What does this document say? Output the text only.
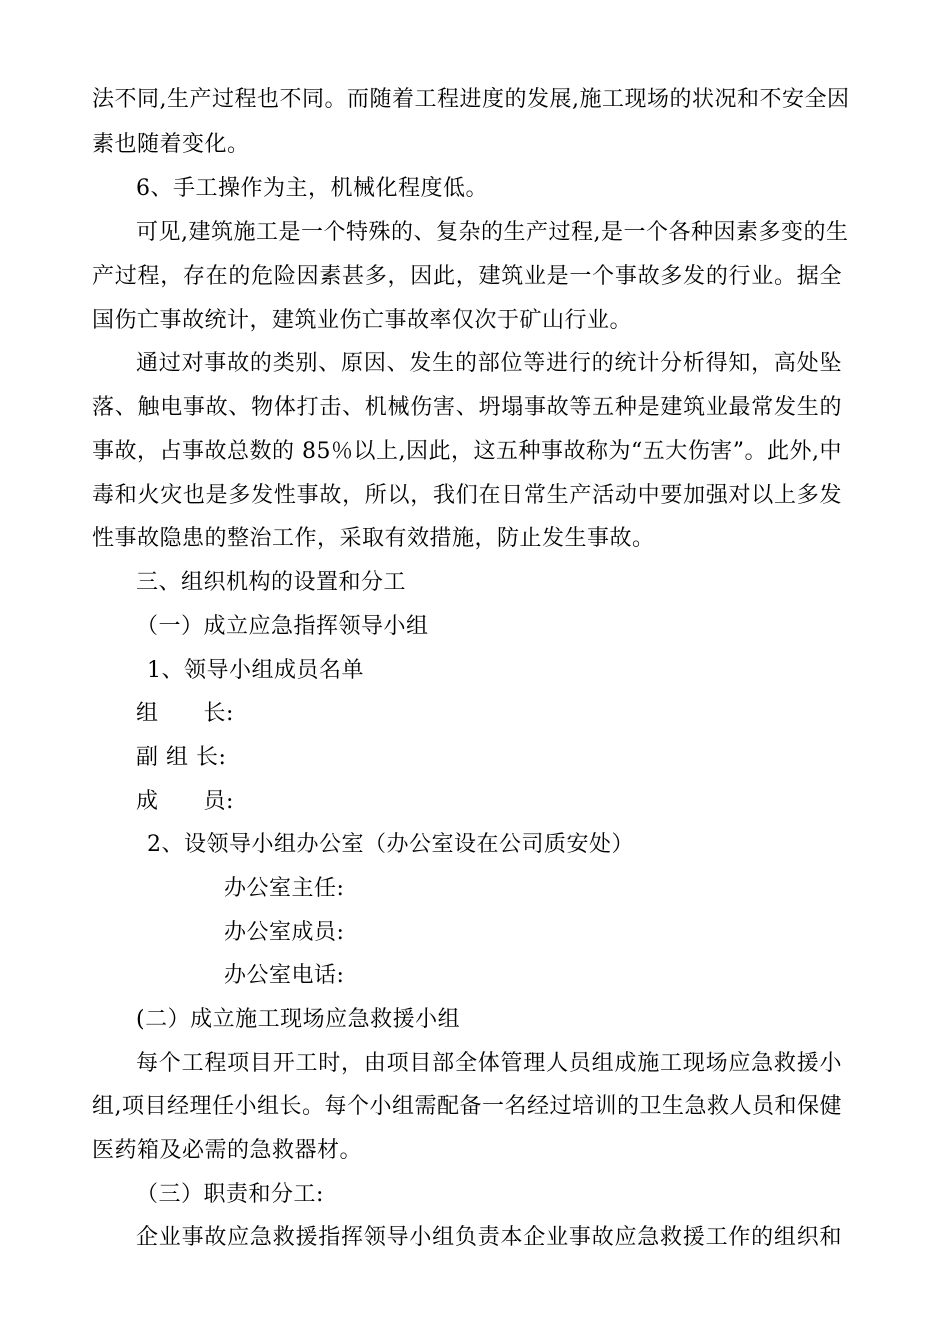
法不同,生产过程也不同。而随着工程进度的发展,施工现场的状况和不安全因
素也随着变化。
6、手工操作为主，机械化程度低。
可见,建筑施工是一个特殊的、复杂的生产过程,是一个各种因素多变的生
产过程，存在的危险因素甚多，因此，建筑业是一个事故多发的行业。据全
国伤亡事故统计，建筑业伤亡事故率仅次于矿山行业。
通过对事故的类别、原因、发生的部位等进行的统计分析得知，高处坠
落、触电事故、物体打击、机械伤害、坍塌事故等五种是建筑业最常发生的
事故，占事故总数的 85％以上,因此，这五种事故称为“五大伤害”。此外,中
毒和火灾也是多发性事故，所以，我们在日常生产活动中要加强对以上多发
性事故隐患的整治工作，采取有效措施，防止发生事故。
三、组织机构的设置和分工
（一）成立应急指挥领导小组
1、领导小组成员名单
组　　长:
副 组 长:
成　　员:
2、设领导小组办公室（办公室设在公司质安处）
办公室主任:
办公室成员:
办公室电话:
(二）成立施工现场应急救援小组
每个工程项目开工时，由项目部全体管理人员组成施工现场应急救援小
组,项目经理任小组长。每个小组需配备一名经过培训的卫生急救人员和保健
医药箱及必需的急救器材。
（三）职责和分工:
企业事故应急救援指挥领导小组负责本企业事故应急救援工作的组织和
